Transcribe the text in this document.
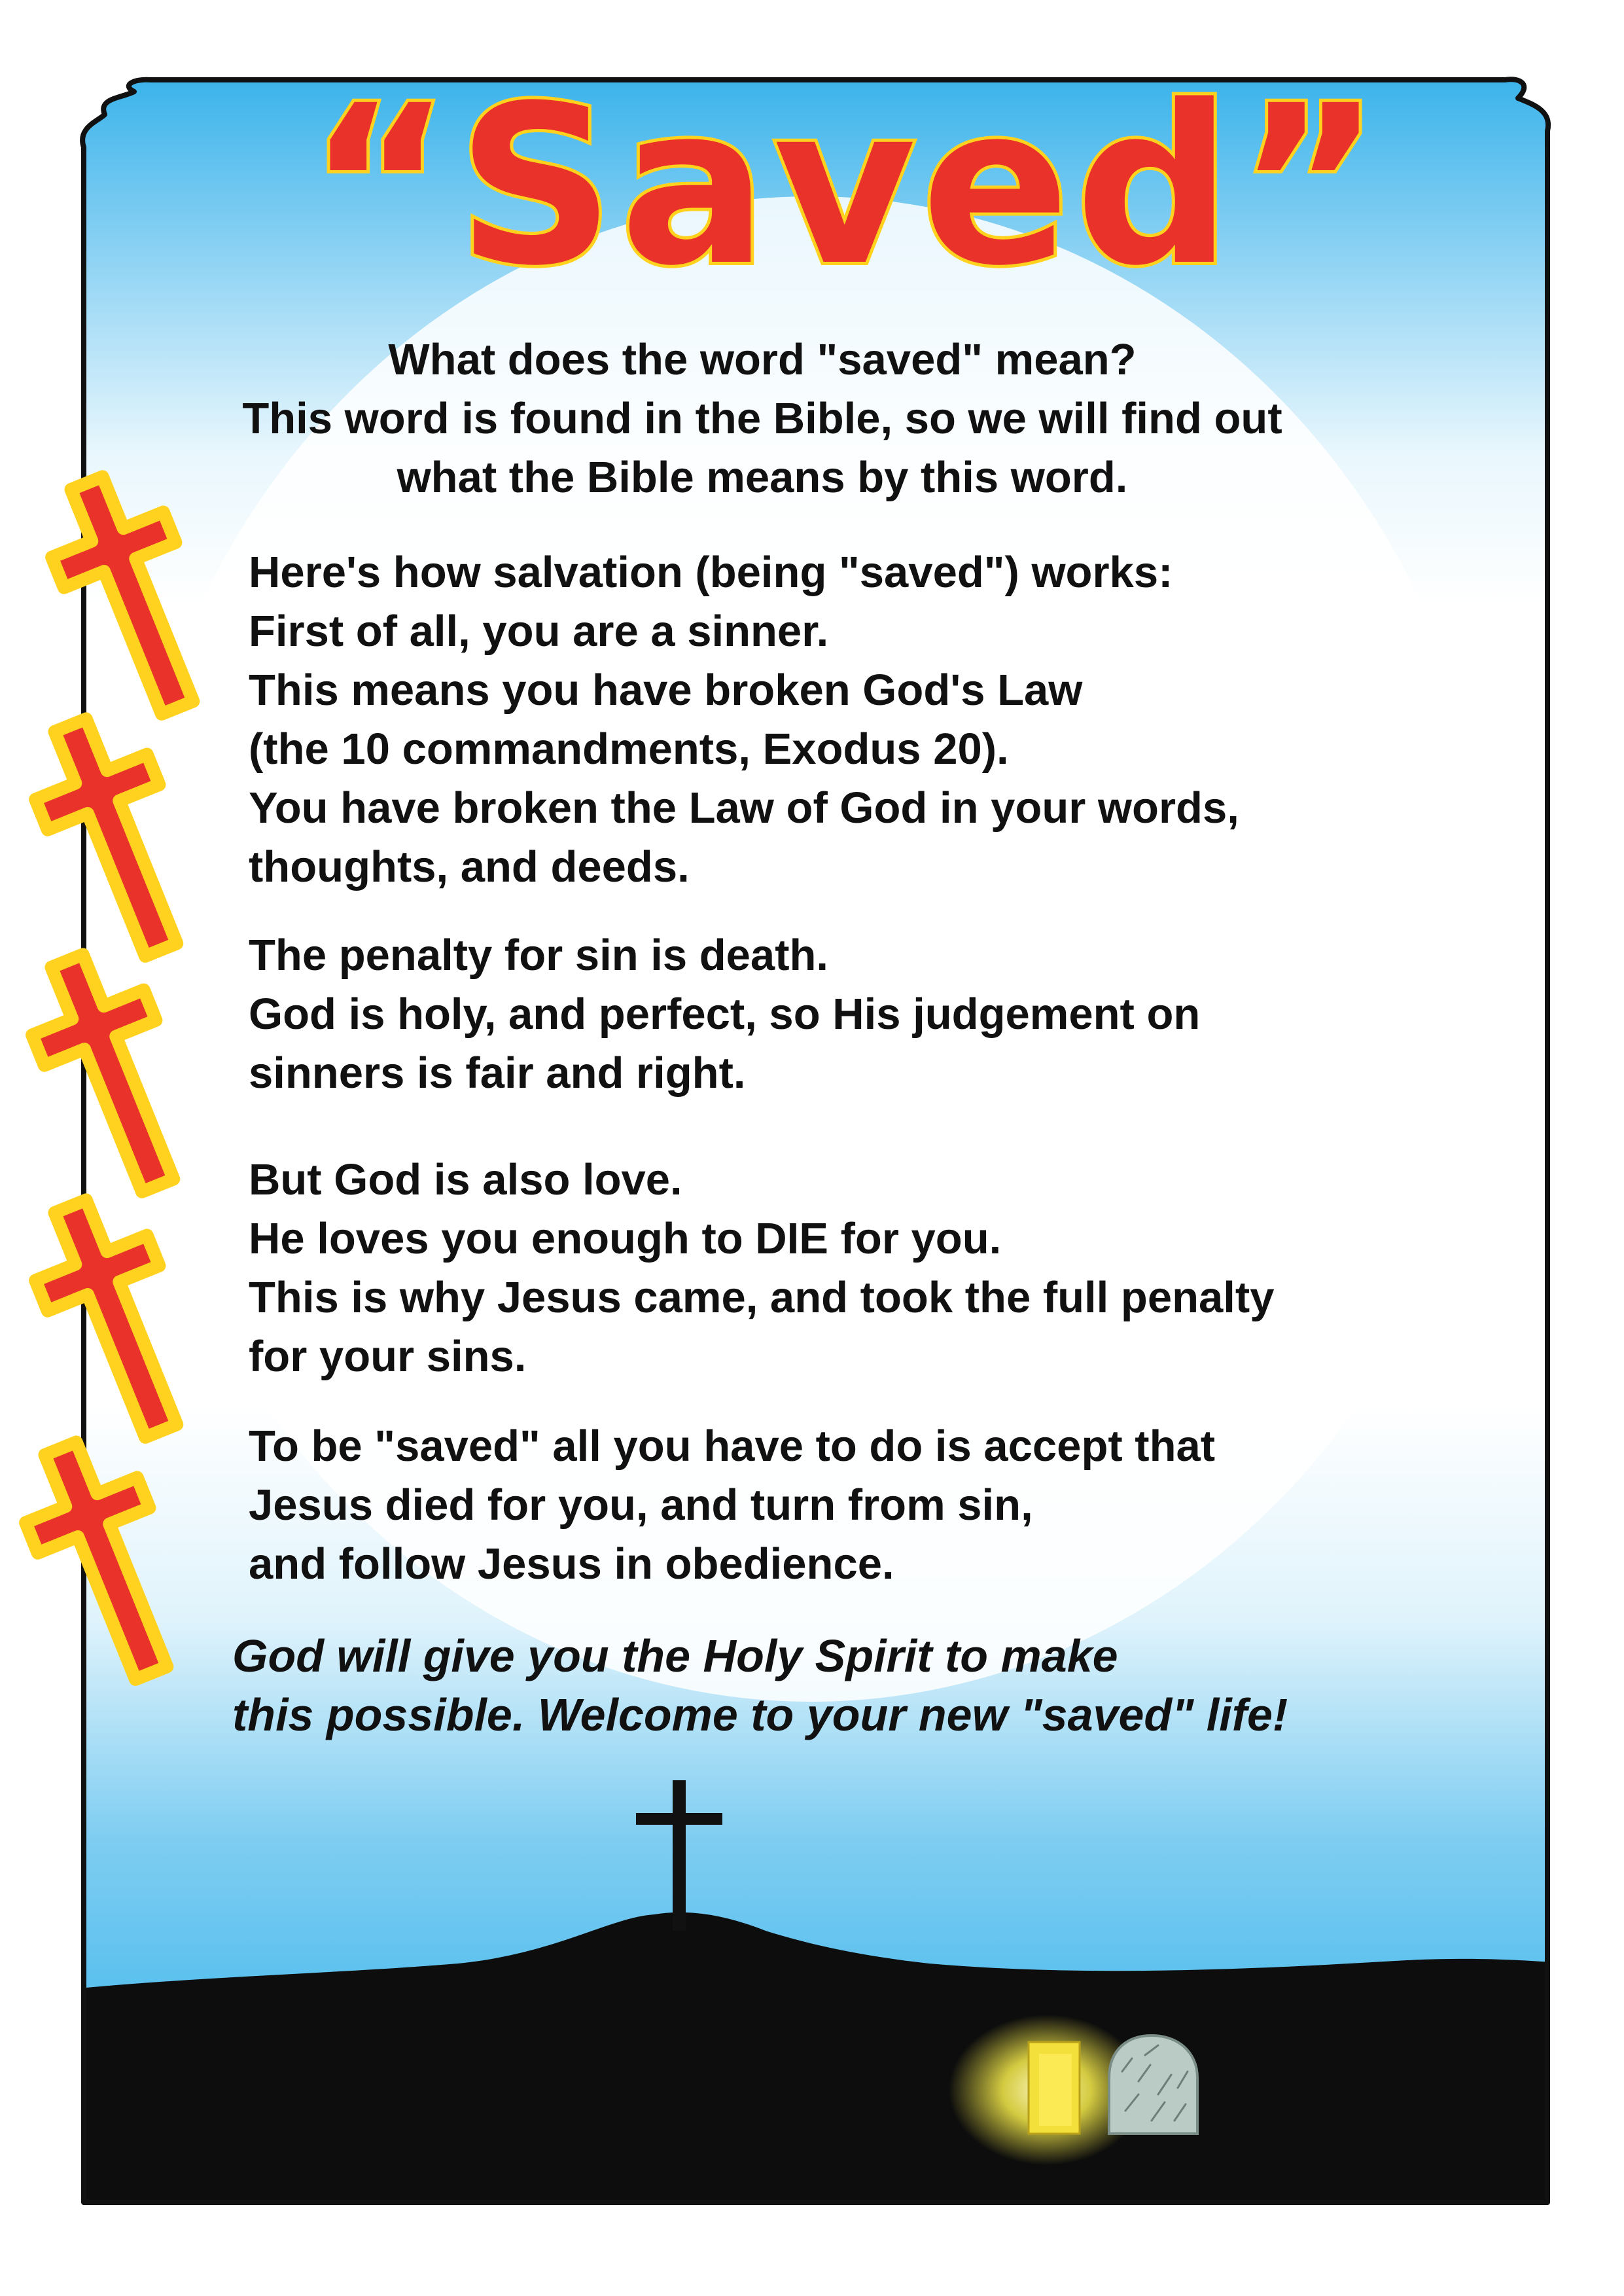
“Saved”
What does the word "saved" mean?
This word is found in the Bible, so we will find out
what the Bible means by this word.
Here's how salvation (being "saved") works:
First of all, you are a sinner.
This means you have broken God's Law
(the 10 commandments, Exodus 20).
You have broken the Law of God in your words,
thoughts, and deeds.
The penalty for sin is death.
God is holy, and perfect, so His judgement on
sinners is fair and right.
But God is also love.
He loves you enough to DIE for you.
This is why Jesus came, and took the full penalty
for your sins.
To be "saved" all you have to do is accept that
Jesus died for you, and turn from sin,
and follow Jesus in obedience.
God will give you the Holy Spirit to make
this possible. Welcome to your new "saved" life!
